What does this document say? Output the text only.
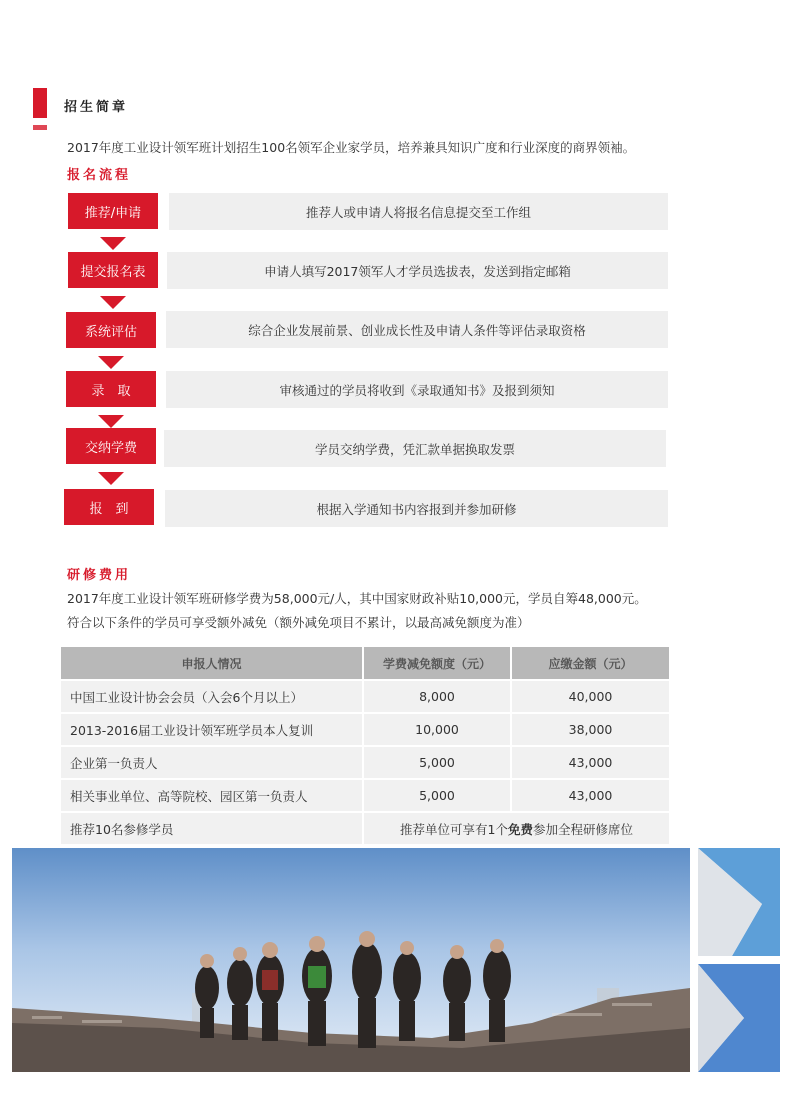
招生简章
2017年度工业设计领军班计划招生100名领军企业家学员，培养兼具知识广度和行业深度的商界领袖。
报名流程
推荐/申请	推荐人或申请人将报名信息提交至工作组
提交报名表	申请人填写2017领军人才学员选拔表，发送到指定邮箱
系统评估	综合企业发展前景、创业成长性及申请人条件等评估录取资格
录　取	审核通过的学员将收到《录取通知书》及报到须知
交纳学费	学员交纳学费，凭汇款单据换取发票
报　到	根据入学通知书内容报到并参加研修
研修费用
2017年度工业设计领军班研修学费为58,000元/人，其中国家财政补贴10,000元，学员自筹48,000元。
符合以下条件的学员可享受额外减免（额外减免项目不累计，以最高减免额度为准）
申报人情况	学费减免额度（元）	应缴金额（元）
中国工业设计协会会员（入会6个月以上）	8,000	40,000
2013-2016届工业设计领军班学员本人复训	10,000	38,000
企业第一负责人	5,000	43,000
相关事业单位、高等院校、园区第一负责人	5,000	43,000
推荐10名参修学员	推荐单位可享有1个免费参加全程研修席位	
